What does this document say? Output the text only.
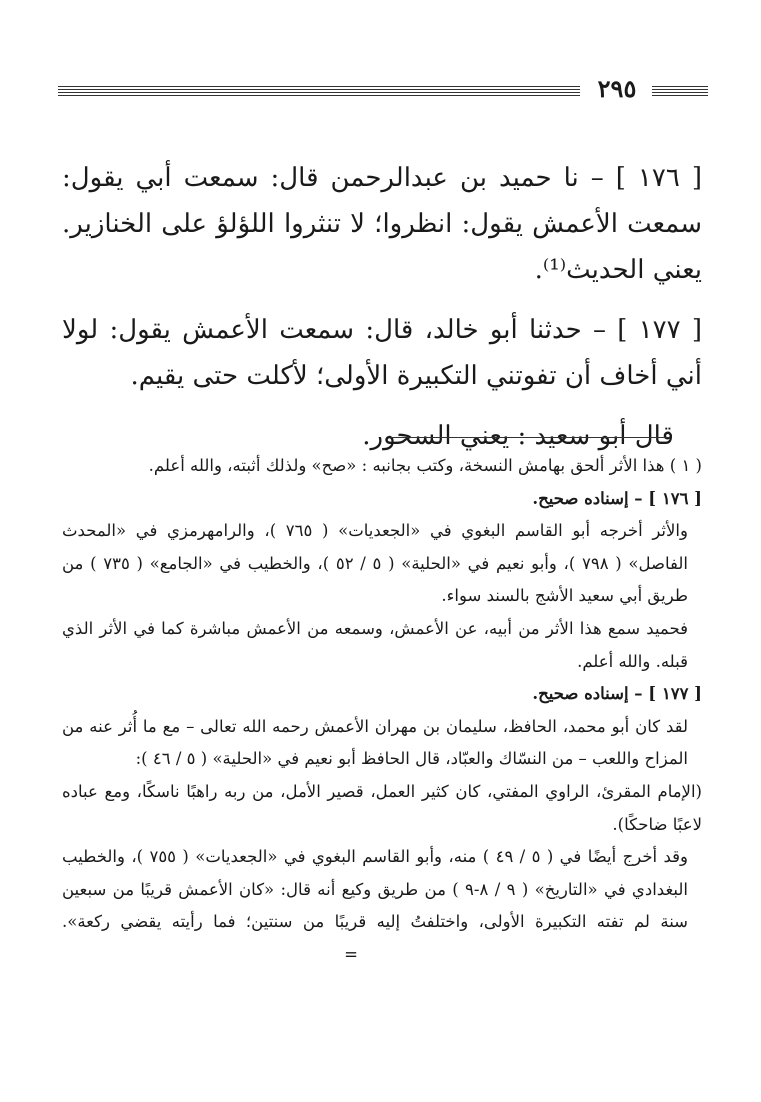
٢٩٥

[ ١٧٦ ] – نا حميد بن عبدالرحمن قال: سمعت أبي يقول: سمعت الأعمش يقول: انظروا؛ لا تنثروا اللؤلؤ على الخنازير. يعني الحديث⁽¹⁾.

[ ١٧٧ ] – حدثنا أبو خالد، قال: سمعت الأعمش يقول: لولا أني أخاف أن تفوتني التكبيرة الأولى؛ لأكلت حتى يقيم.

قال أبو سعيد : يعني السحور.

( ١ ) هذا الأثر ألحق بهامش النسخة، وكتب بجانبه : «صح» ولذلك أثبته، والله أعلم.

[ ١٧٦ ] – إسناده صحيح.

والأثر أخرجه أبو القاسم البغوي في «الجعديات» ( ٧٦٥ )، والرامهرمزي في «المحدث الفاصل» ( ٧٩٨ )، وأبو نعيم في «الحلية» ( ٥ / ٥٢ )، والخطيب في «الجامع» ( ٧٣٥ ) من طريق أبي سعيد الأشج بالسند سواء.

فحميد سمع هذا الأثر من أبيه، عن الأعمش، وسمعه من الأعمش مباشرة كما في الأثر الذي قبله. والله أعلم.

[ ١٧٧ ] – إسناده صحيح.

لقد كان أبو محمد، الحافظ، سليمان بن مهران الأعمش رحمه الله تعالى – مع ما أُثر عنه من المزاح واللعب – من النسّاك والعبّاد، قال الحافظ أبو نعيم في «الحلية» ( ٥ / ٤٦ ):

(الإمام المقرئ، الراوي المفتي، كان كثير العمل، قصير الأمل، من ربه راهبًا ناسكًا، ومع عباده لاعبًا ضاحكًا).

وقد أخرج أيضًا في ( ٥ / ٤٩ ) منه، وأبو القاسم البغوي في «الجعديات» ( ٧٥٥ )، والخطيب البغدادي في «التاريخ» ( ٩ / ٨-٩ ) من طريق وكيع أنه قال: «كان الأعمش قريبًا من سبعين سنة لم تفته التكبيرة الأولى، واختلفتُ إليه قريبًا من سنتين؛ فما رأيته يقضي ركعة».=
